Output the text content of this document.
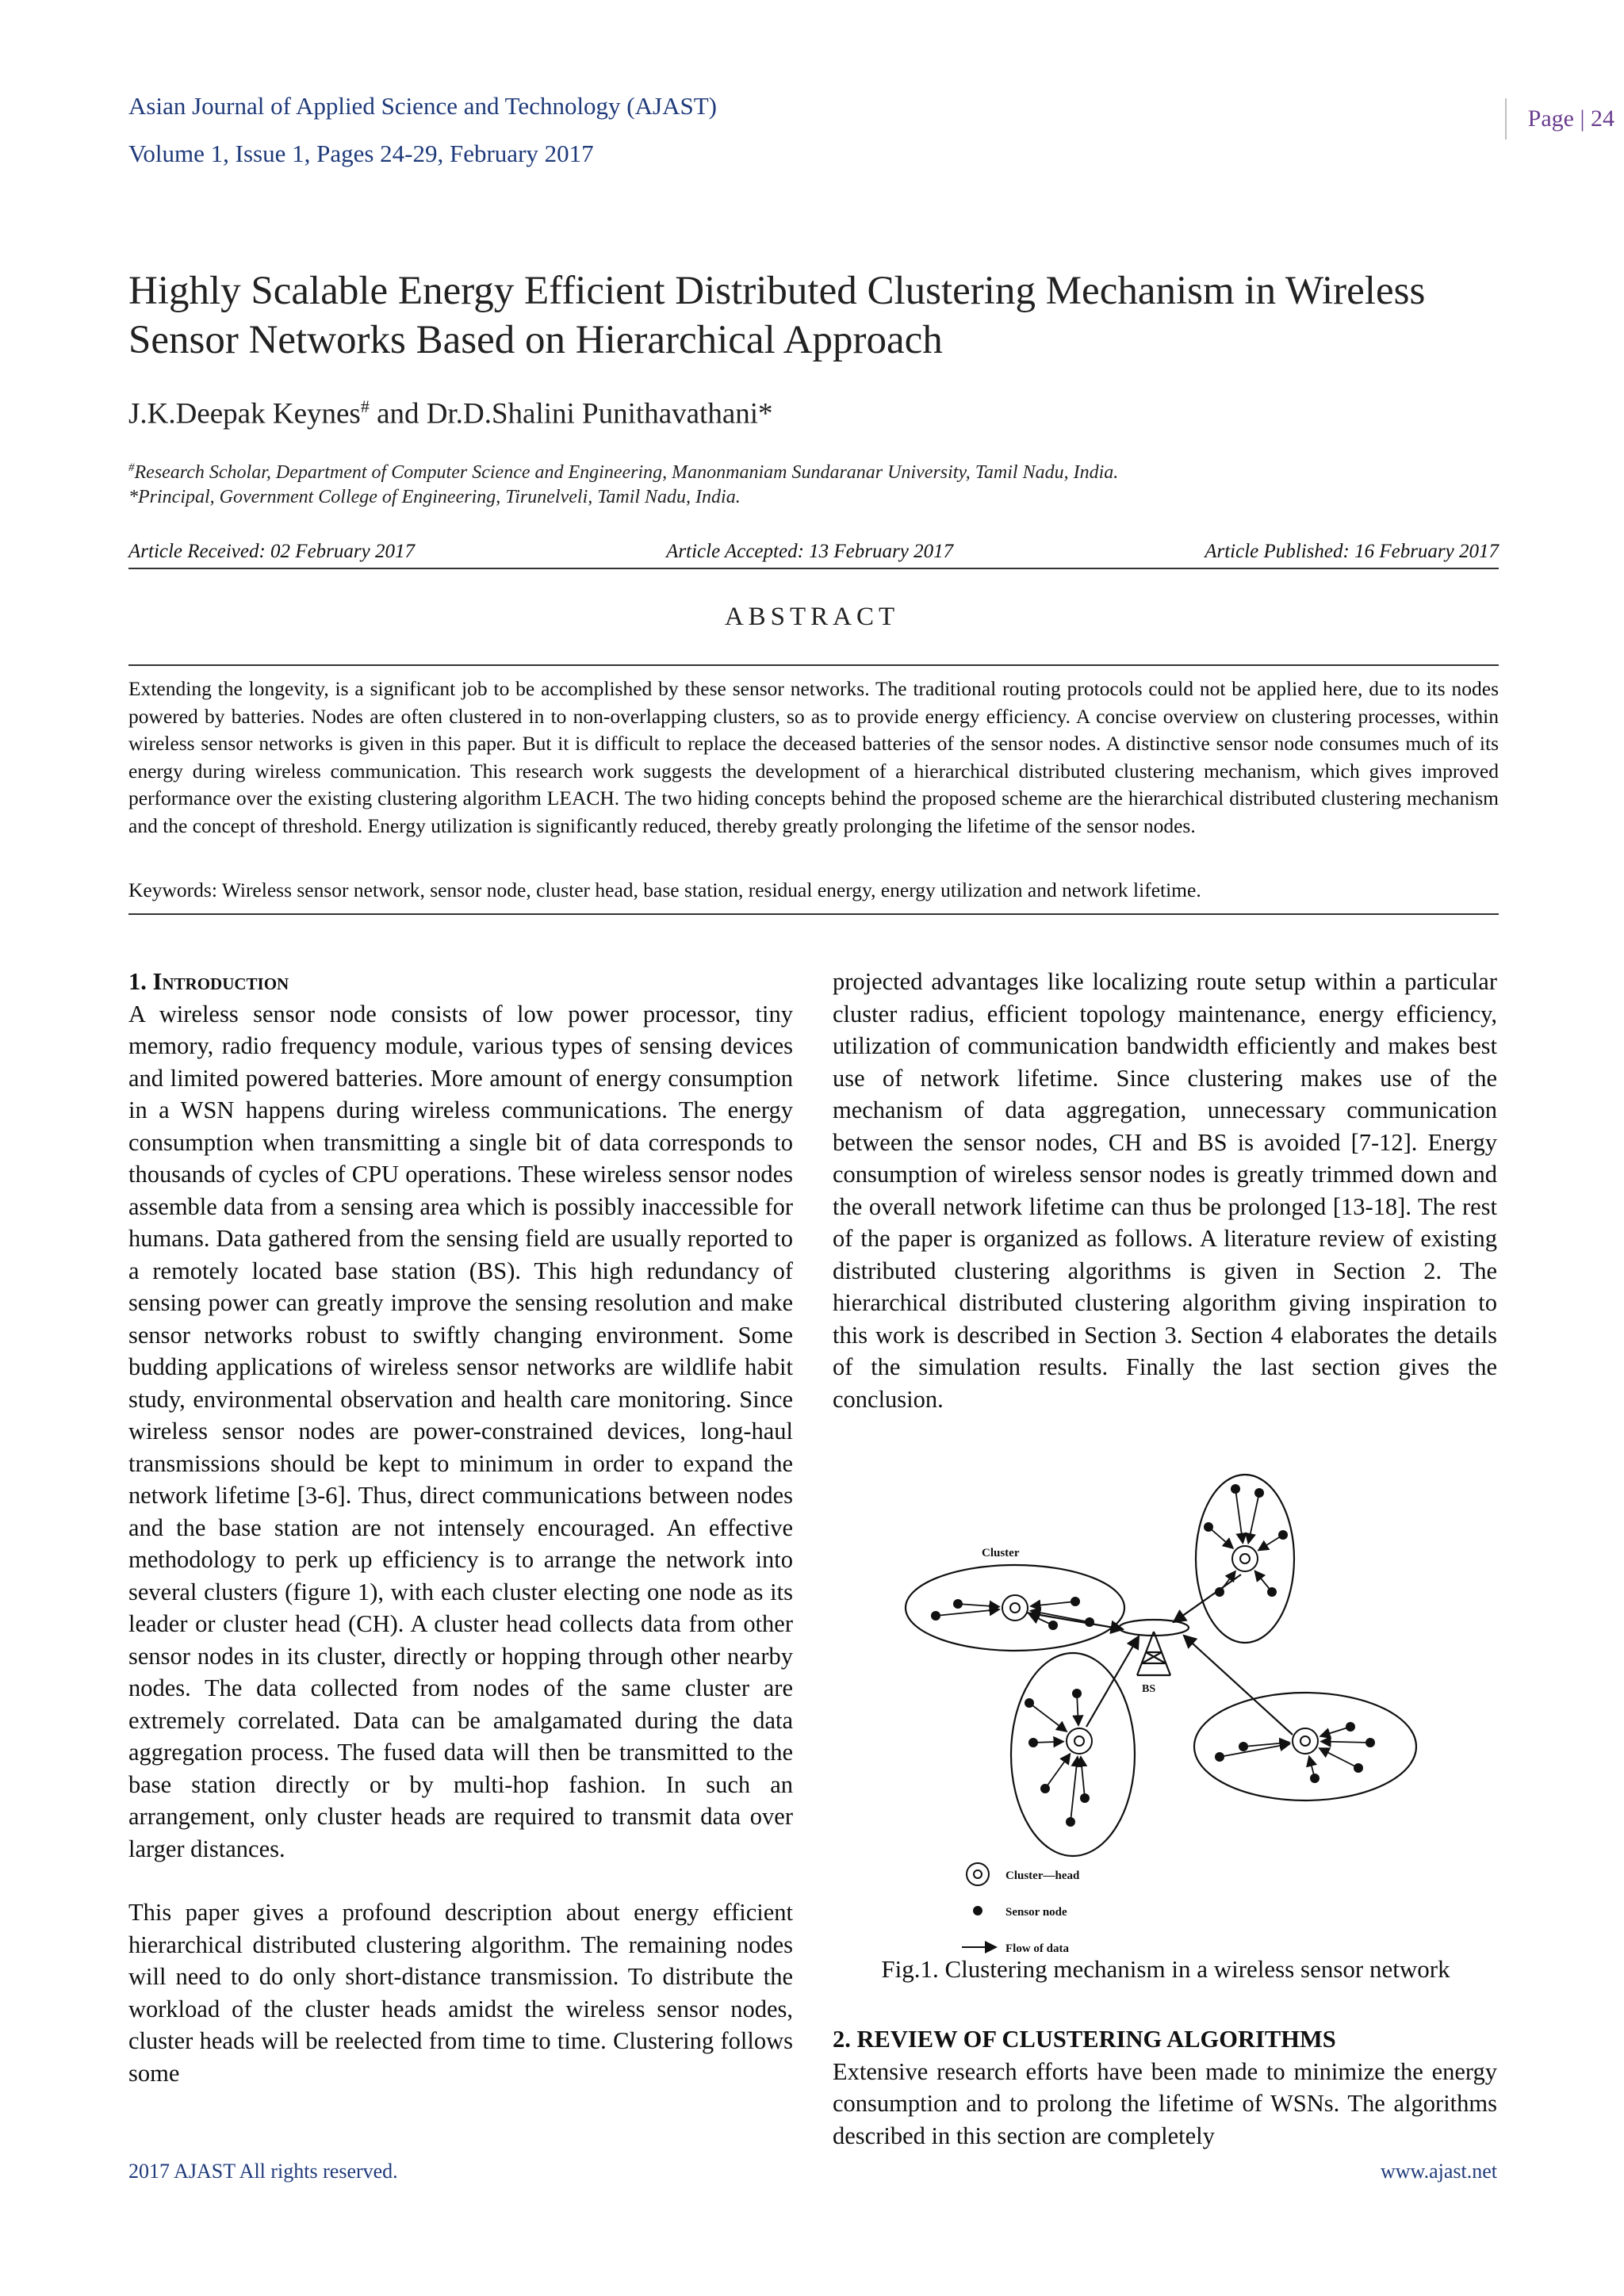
Asian Journal of Applied Science and Technology (AJAST)
Volume 1, Issue 1, Pages 24-29, February 2017
Page | 24
Highly Scalable Energy Efficient Distributed Clustering Mechanism in Wireless Sensor Networks Based on Hierarchical Approach
J.K.Deepak Keynes# and Dr.D.Shalini Punithavathani*
#Research Scholar, Department of Computer Science and Engineering, Manonmaniam Sundaranar University, Tamil Nadu, India.
*Principal, Government College of Engineering, Tirunelveli, Tamil Nadu, India.
Article Received: 02 February 2017	Article Accepted: 13 February 2017	Article Published: 16 February 2017
ABSTRACT
Extending the longevity, is a significant job to be accomplished by these sensor networks. The traditional routing protocols could not be applied here, due to its nodes powered by batteries. Nodes are often clustered in to non-overlapping clusters, so as to provide energy efficiency. A concise overview on clustering processes, within wireless sensor networks is given in this paper. But it is difficult to replace the deceased batteries of the sensor nodes. A distinctive sensor node consumes much of its energy during wireless communication. This research work suggests the development of a hierarchical distributed clustering mechanism, which gives improved performance over the existing clustering algorithm LEACH. The two hiding concepts behind the proposed scheme are the hierarchical distributed clustering mechanism and the concept of threshold. Energy utilization is significantly reduced, thereby greatly prolonging the lifetime of the sensor nodes.
Keywords: Wireless sensor network, sensor node, cluster head, base station, residual energy, energy utilization and network lifetime.
1. Introduction

A wireless sensor node consists of low power processor, tiny memory, radio frequency module, various types of sensing devices and limited powered batteries. More amount of energy consumption in a WSN happens during wireless communications. The energy consumption when transmitting a single bit of data corresponds to thousands of cycles of CPU operations. These wireless sensor nodes assemble data from a sensing area which is possibly inaccessible for humans. Data gathered from the sensing field are usually reported to a remotely located base station (BS). This high redundancy of sensing power can greatly improve the sensing resolution and make sensor networks robust to swiftly changing environment. Some budding applications of wireless sensor networks are wildlife habit study, environmental observation and health care monitoring. Since wireless sensor nodes are power-constrained devices, long-haul transmissions should be kept to minimum in order to expand the network lifetime [3-6]. Thus, direct communications between nodes and the base station are not intensely encouraged. An effective methodology to perk up efficiency is to arrange the network into several clusters (figure 1), with each cluster electing one node as its leader or cluster head (CH). A cluster head collects data from other sensor nodes in its cluster, directly or hopping through other nearby nodes. The data collected from nodes of the same cluster are extremely correlated. Data can be amalgamated during the data aggregation process. The fused data will then be transmitted to the base station directly or by multi-hop fashion. In such an arrangement, only cluster heads are required to transmit data over larger distances.

This paper gives a profound description about energy efficient hierarchical distributed clustering algorithm. The remaining nodes will need to do only short-distance transmission. To distribute the workload of the cluster heads amidst the wireless sensor nodes, cluster heads will be reelected from time to time. Clustering follows some

projected advantages like localizing route setup within a particular cluster radius, efficient topology maintenance, energy efficiency, utilization of communication bandwidth efficiently and makes best use of network lifetime. Since clustering makes use of the mechanism of data aggregation, unnecessary communication between the sensor nodes, CH and BS is avoided [7-12]. Energy consumption of wireless sensor nodes is greatly trimmed down and the overall network lifetime can thus be prolonged [13-18]. The rest of the paper is organized as follows. A literature review of existing distributed clustering algorithms is given in Section 2. The hierarchical distributed clustering algorithm giving inspiration to this work is described in Section 3. Section 4 elaborates the details of the simulation results. Finally the last section gives the conclusion.

Cluster
BS
Cluster—head
Sensor node
Flow of data
Fig.1. Clustering mechanism in a wireless sensor network
2. REVIEW OF CLUSTERING ALGORITHMS

Extensive research efforts have been made to minimize the energy consumption and to prolong the lifetime of WSNs. The algorithms described in this section are completely

2017 AJAST All rights reserved.	www.ajast.net
